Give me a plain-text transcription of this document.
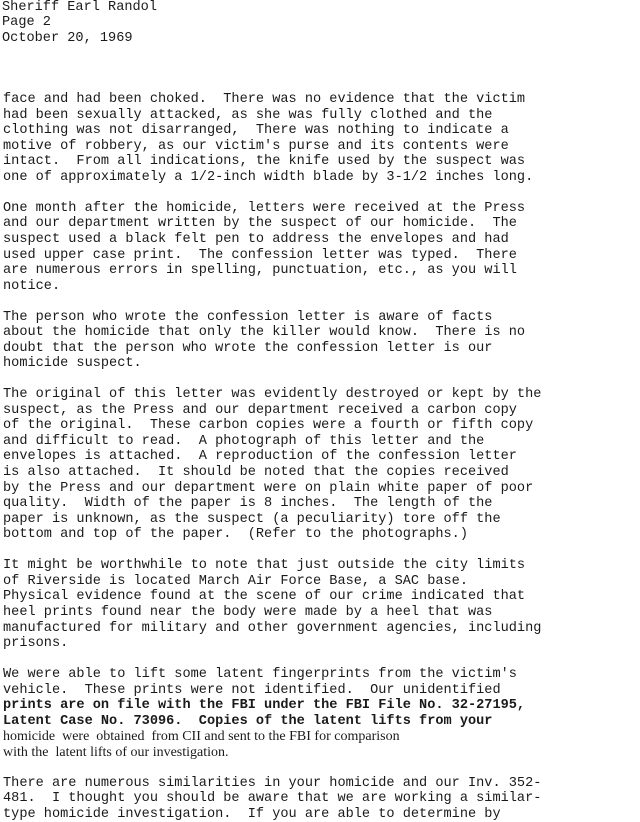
Sheriff Earl Randol
Page 2
October 20, 1969
face and had been choked.  There was no evidence that the victim
had been sexually attacked, as she was fully clothed and the
clothing was not disarranged,  There was nothing to indicate a
motive of robbery, as our victim's purse and its contents were
intact.  From all indications, the knife used by the suspect was
one of approximately a 1/2-inch width blade by 3-1/2 inches long.
One month after the homicide, letters were received at the Press
and our department written by the suspect of our homicide.  The
suspect used a black felt pen to address the envelopes and had
used upper case print.  The confession letter was typed.  There
are numerous errors in spelling, punctuation, etc., as you will
notice.
The person who wrote the confession letter is aware of facts
about the homicide that only the killer would know.  There is no
doubt that the person who wrote the confession letter is our
homicide suspect.
The original of this letter was evidently destroyed or kept by the
suspect, as the Press and our department received a carbon copy
of the original.  These carbon copies were a fourth or fifth copy
and difficult to read.  A photograph of this letter and the
envelopes is attached.  A reproduction of the confession letter
is also attached.  It should be noted that the copies received
by the Press and our department were on plain white paper of poor
quality.  Width of the paper is 8 inches.  The length of the
paper is unknown, as the suspect (a peculiarity) tore off the
bottom and top of the paper.  (Refer to the photographs.)
It might be worthwhile to note that just outside the city limits
of Riverside is located March Air Force Base, a SAC base.
Physical evidence found at the scene of our crime indicated that
heel prints found near the body were made by a heel that was
manufactured for military and other government agencies, including
prisons.
We were able to lift some latent fingerprints from the victim's
vehicle.  These prints were not identified.  Our unidentified
prints are on file with the FBI under the FBI File No. 32-27195,
Latent Case No. 73096.  Copies of the latent lifts from your
homicide  were  obtained  from CII and sent to the FBI for comparison
with the  latent lifts of our investigation.
There are numerous similarities in your homicide and our Inv. 352-
481.  I thought you should be aware that we are working a similar-
type homicide investigation.  If you are able to determine by
